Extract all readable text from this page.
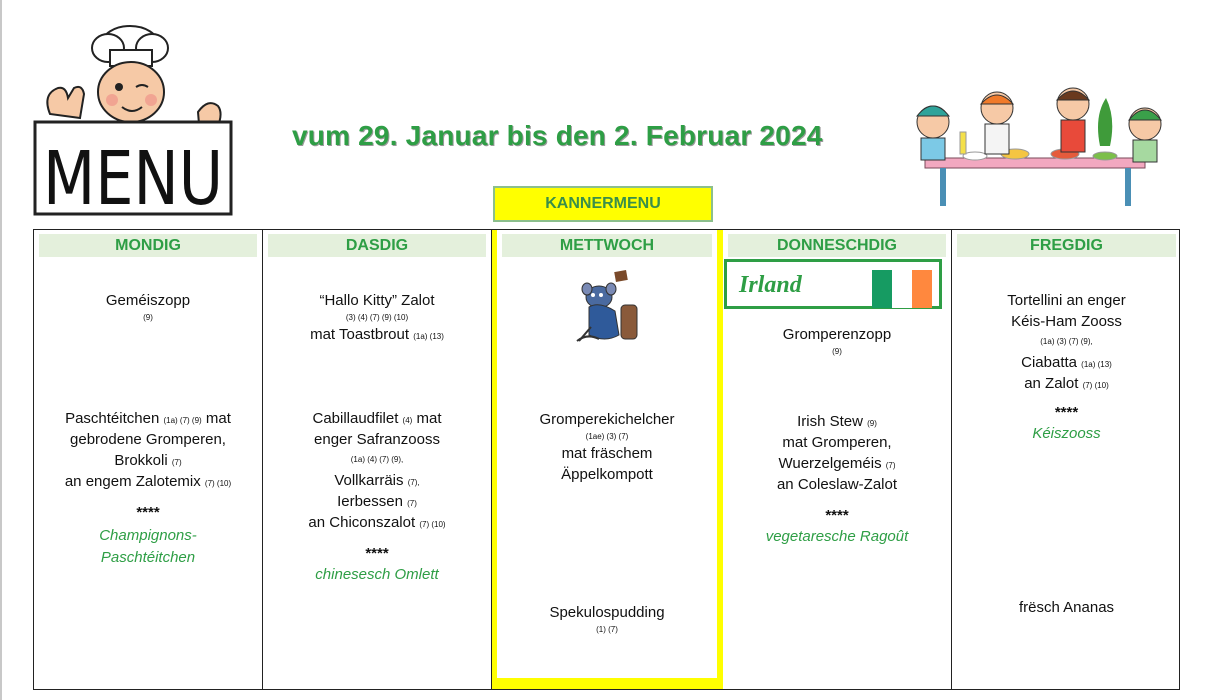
MENU
vum 29. Januar bis den 2. Februar 2024
KANNERMENU
MONDIG
Geméiszopp
(9)
Paschtéitchen (1a) (7) (9) mat
gebrodene Gromperen,
Brokkoli (7)
an engem Zalotemix (7) (10)
****
Champignons-
Paschtéitchen
DASDIG
“Hallo Kitty” Zalot
(3) (4) (7) (9) (10)
mat Toastbrout (1a) (13)
Cabillaudfilet (4) mat
enger Safranzooss
(1a) (4) (7) (9),
Vollkarräis (7),
Ierbessen (7)
an Chiconszalot (7) (10)
****
chinesesch Omlett
METTWOCH
Gromperekichelcher
(1ae) (3) (7)
mat fräschem
Äppelkompott
Spekulospudding
(1) (7)
DONNESCHDIG
Irland
Gromperenzopp
(9)
Irish Stew (9)
mat Gromperen,
Wuerzelgeméis (7)
an Coleslaw-Zalot
****
vegetaresche Ragoût
FREGDIG
Tortellini an enger
Kéis-Ham Zooss
(1a) (3) (7) (9),
Ciabatta (1a) (13)
an Zalot (7) (10)
****
Kéiszooss
frësch Ananas
